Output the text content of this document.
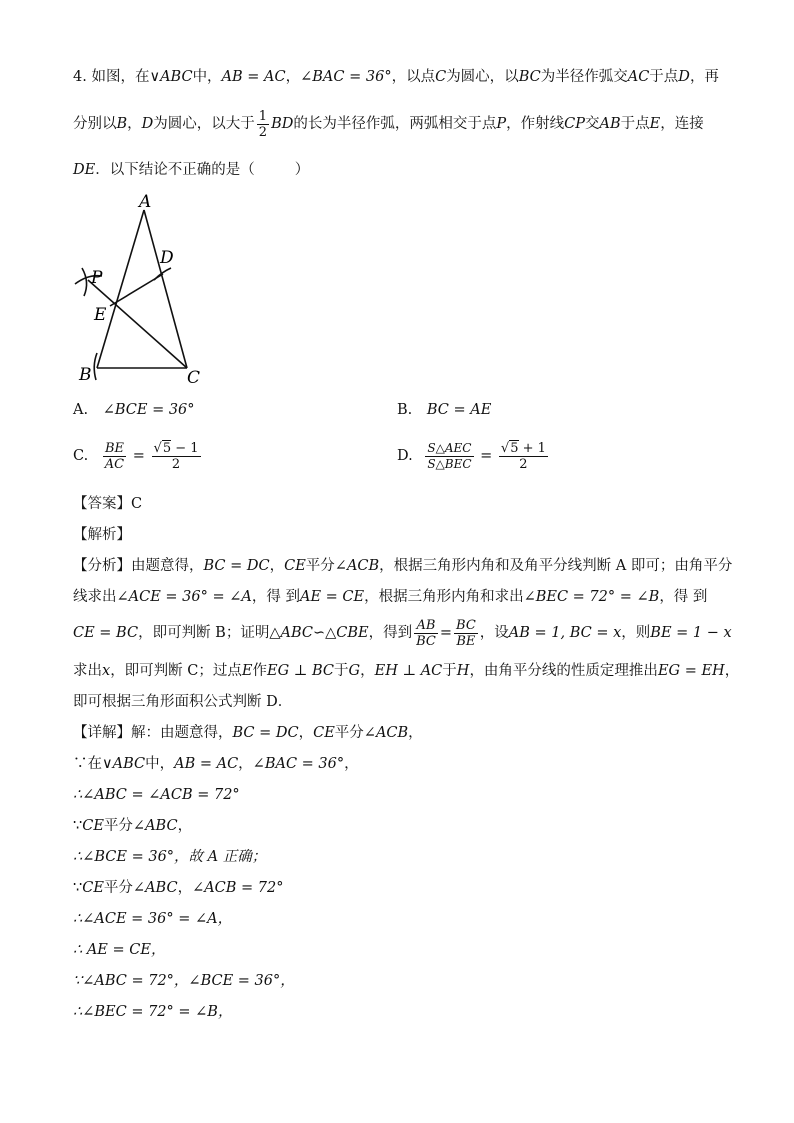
4. 如图，在∨ABC中，AB = AC，∠BAC = 36°，以点C为圆心，以BC为半径作弧交AC于点D，再
分别以B，D为圆心，以大于 $\frac{1}{2}$ BD的长为半径作弧，两弧相交于点P，作射线CP交AB于点E，连接
DE．以下结论不正确的是（	）
A
B	C
D
E
P
A. ∠BCE = 36°	B. BC = AE
C. $\frac{BE}{AC} = \frac{√5 - 1}{2}$	D. $\frac{\text{S△AEC}}{\text{S△BEC}} = \frac{√5 + 1}{2}$
【答案】C
【解析】
【分析】由题意得，BC = DC，CE平分∠ACB，根据三角形内角和及角平分线判断 A 即可；由角平分
线求出∠ACE = 36° = ∠A，得 到AE = CE，根据三角形内角和求出∠BEC = 72° = ∠B，得 到
CE = BC，即可判断 B；证明△ABC∽△CBE，得到 $\frac{AB}{BC} = \frac{BC}{BE}$ ，设AB = 1, BC = x，则BE = 1 − x
求出x，即可判断 C；过点E作EG ⊥ BC于G，EH ⊥ AC于H，由角平分线的性质定理推出EG = EH，
即可根据三角形面积公式判断 D．
【详解】解：由题意得，BC = DC，CE平分∠ACB，
∵在∨ABC中，AB = AC，∠BAC = 36°，
∴∠ABC = ∠ACB = 72°
∵CE平分∠ABC，
∴∠BCE = 36°，故 A 正确；
∵CE平分∠ABC，∠ACB = 72°
∴∠ACE = 36° = ∠A，
∴ AE = CE，
∵∠ABC = 72°，∠BCE = 36°，
∴∠BEC = 72° = ∠B，
